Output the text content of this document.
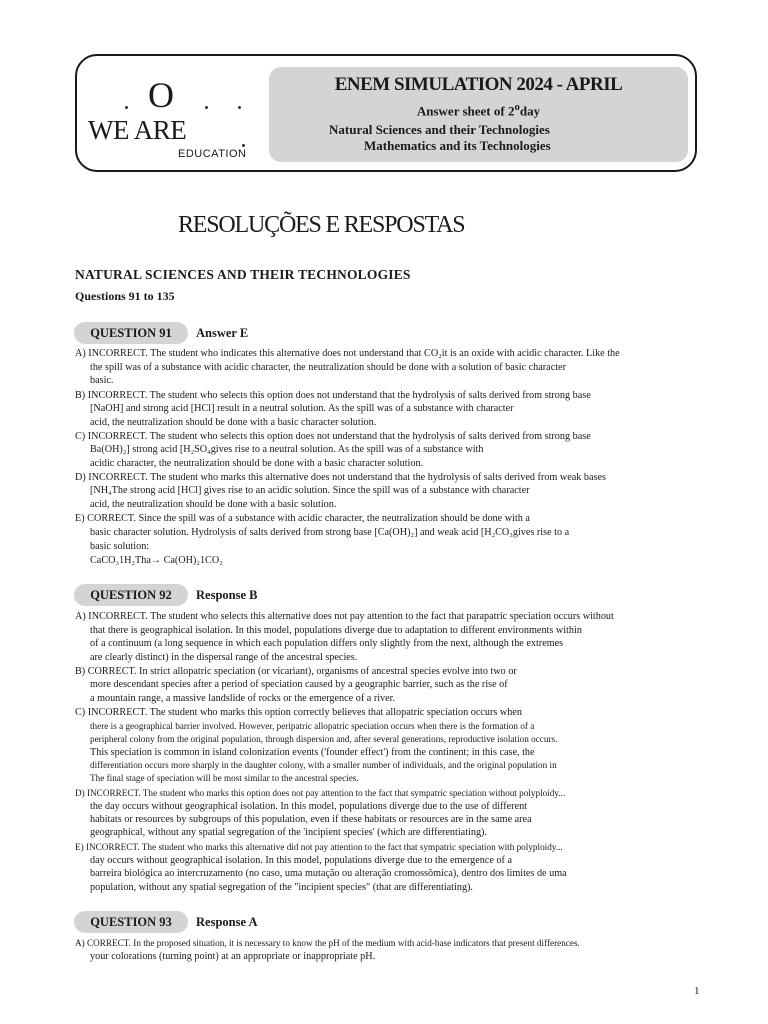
O
WE ARE
EDUCATION
ENEM SIMULATION 2024 - APRIL
Answer sheet of 2$^o$day
Natural Sciences and their Technologies
Mathematics and its Technologies
RESOLUÇÕES E RESPOSTAS
NATURAL SCIENCES AND THEIR TECHNOLOGIES
Questions 91 to 135
QUESTION 91	Answer E
A) INCORRECT. The student who indicates this alternative does not understand that CO₂it is an oxide with acidic character. Like the
the spill was of a substance with acidic character, the neutralization should be done with a solution of basic character
basic.
B) INCORRECT. The student who selects this option does not understand that the hydrolysis of salts derived from strong base
[NaOH] and strong acid [HCl] result in a neutral solution. As the spill was of a substance with character
acid, the neutralization should be done with a basic character solution.
C) INCORRECT. The student who selects this option does not understand that the hydrolysis of salts derived from strong base
Ba(OH)₂] strong acid [H₂SO₄gives rise to a neutral solution. As the spill was of a substance with
acidic character, the neutralization should be done with a basic character solution.
D) INCORRECT. The student who marks this alternative does not understand that the hydrolysis of salts derived from weak bases
[NH₄The strong acid [HCl] gives rise to an acidic solution. Since the spill was of a substance with character
acid, the neutralization should be done with a basic solution.
E) CORRECT. Since the spill was of a substance with acidic character, the neutralization should be done with a
basic character solution. Hydrolysis of salts derived from strong base [Ca(OH)₂] and weak acid [H₂CO₃gives rise to a
basic solution:
CaCO₃1H₂Tha→ Ca(OH)₂1CO₂
QUESTION 92	Response B
A) INCORRECT. The student who selects this alternative does not pay attention to the fact that parapatric speciation occurs without
that there is geographical isolation. In this model, populations diverge due to adaptation to different environments within
of a continuum (a long sequence in which each population differs only slightly from the next, although the extremes
are clearly distinct) in the dispersal range of the ancestral species.
B) CORRECT. In strict allopatric speciation (or vicariant), organisms of ancestral species evolve into two or
more descendant species after a period of speciation caused by a geographic barrier, such as the rise of
a mountain range, a massive landslide of rocks or the emergence of a river.
C) INCORRECT. The student who marks this option correctly believes that allopatric speciation occurs when
there is a geographical barrier involved. However, peripatric allopatric speciation occurs when there is the formation of a
peripheral colony from the original population, through dispersion and, after several generations, reproductive isolation occurs.
This speciation is common in island colonization events ('founder effect') from the continent; in this case, the
differentiation occurs more sharply in the daughter colony, with a smaller number of individuals, and the original population in
The final stage of speciation will be most similar to the ancestral species.
D) INCORRECT. The student who marks this option does not pay attention to the fact that sympatric speciation without polyploidy...
the day occurs without geographical isolation. In this model, populations diverge due to the use of different
habitats or resources by subgroups of this population, even if these habitats or resources are in the same area
geographical, without any spatial segregation of the 'incipient species' (which are differentiating).
E) INCORRECT. The student who marks this alternative did not pay attention to the fact that sympatric speciation with polyploidy...
day occurs without geographical isolation. In this model, populations diverge due to the emergence of a
barreira biológica ao intercruzamento (no caso, uma mutação ou alteração cromossômica), dentro dos limites de uma
population, without any spatial segregation of the "incipient species" (that are differentiating).
QUESTION 93	Response A
A) CORRECT. In the proposed situation, it is necessary to know the pH of the medium with acid-base indicators that present differences.
your colorations (turning point) at an appropriate or inappropriate pH.
1
